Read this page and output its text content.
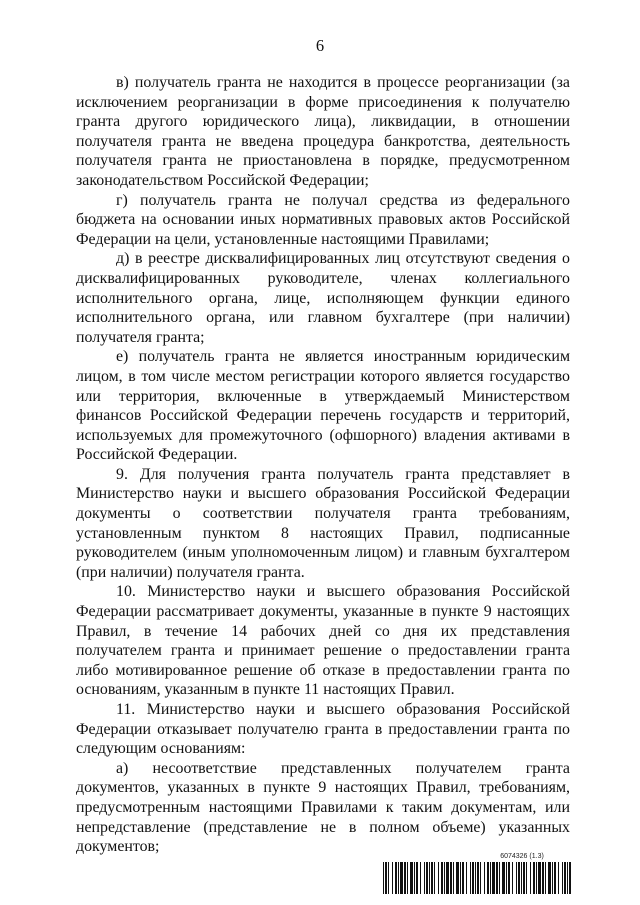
6

в) получатель гранта не находится в процессе реорганизации (за исключением реорганизации в форме присоединения к получателю гранта другого юридического лица), ликвидации, в отношении получателя гранта не введена процедура банкротства, деятельность получателя гранта не приостановлена в порядке, предусмотренном законодательством Российской Федерации;

г) получатель гранта не получал средства из федерального бюджета на основании иных нормативных правовых актов Российской Федерации на цели, установленные настоящими Правилами;

д) в реестре дисквалифицированных лиц отсутствуют сведения о дисквалифицированных руководителе, членах коллегиального исполнительного органа, лице, исполняющем функции единого исполнительного органа, или главном бухгалтере (при наличии) получателя гранта;

е) получатель гранта не является иностранным юридическим лицом, в том числе местом регистрации которого является государство или территория, включенные в утверждаемый Министерством финансов Российской Федерации перечень государств и территорий, используемых для промежуточного (офшорного) владения активами в Российской Федерации.

9. Для получения гранта получатель гранта представляет в Министерство науки и высшего образования Российской Федерации документы о соответствии получателя гранта требованиям, установленным пунктом 8 настоящих Правил, подписанные руководителем (иным уполномоченным лицом) и главным бухгалтером (при наличии) получателя гранта.

10. Министерство науки и высшего образования Российской Федерации рассматривает документы, указанные в пункте 9 настоящих Правил, в течение 14 рабочих дней со дня их представления получателем гранта и принимает решение о предоставлении гранта либо мотивированное решение об отказе в предоставлении гранта по основаниям, указанным в пункте 11 настоящих Правил.

11. Министерство науки и высшего образования Российской Федерации отказывает получателю гранта в предоставлении гранта по следующим основаниям:

а) несоответствие представленных получателем гранта документов, указанных в пункте 9 настоящих Правил, требованиям, предусмотренным настоящими Правилами к таким документам, или непредставление (представление не в полном объеме) указанных документов;

6074326 (1.3)
